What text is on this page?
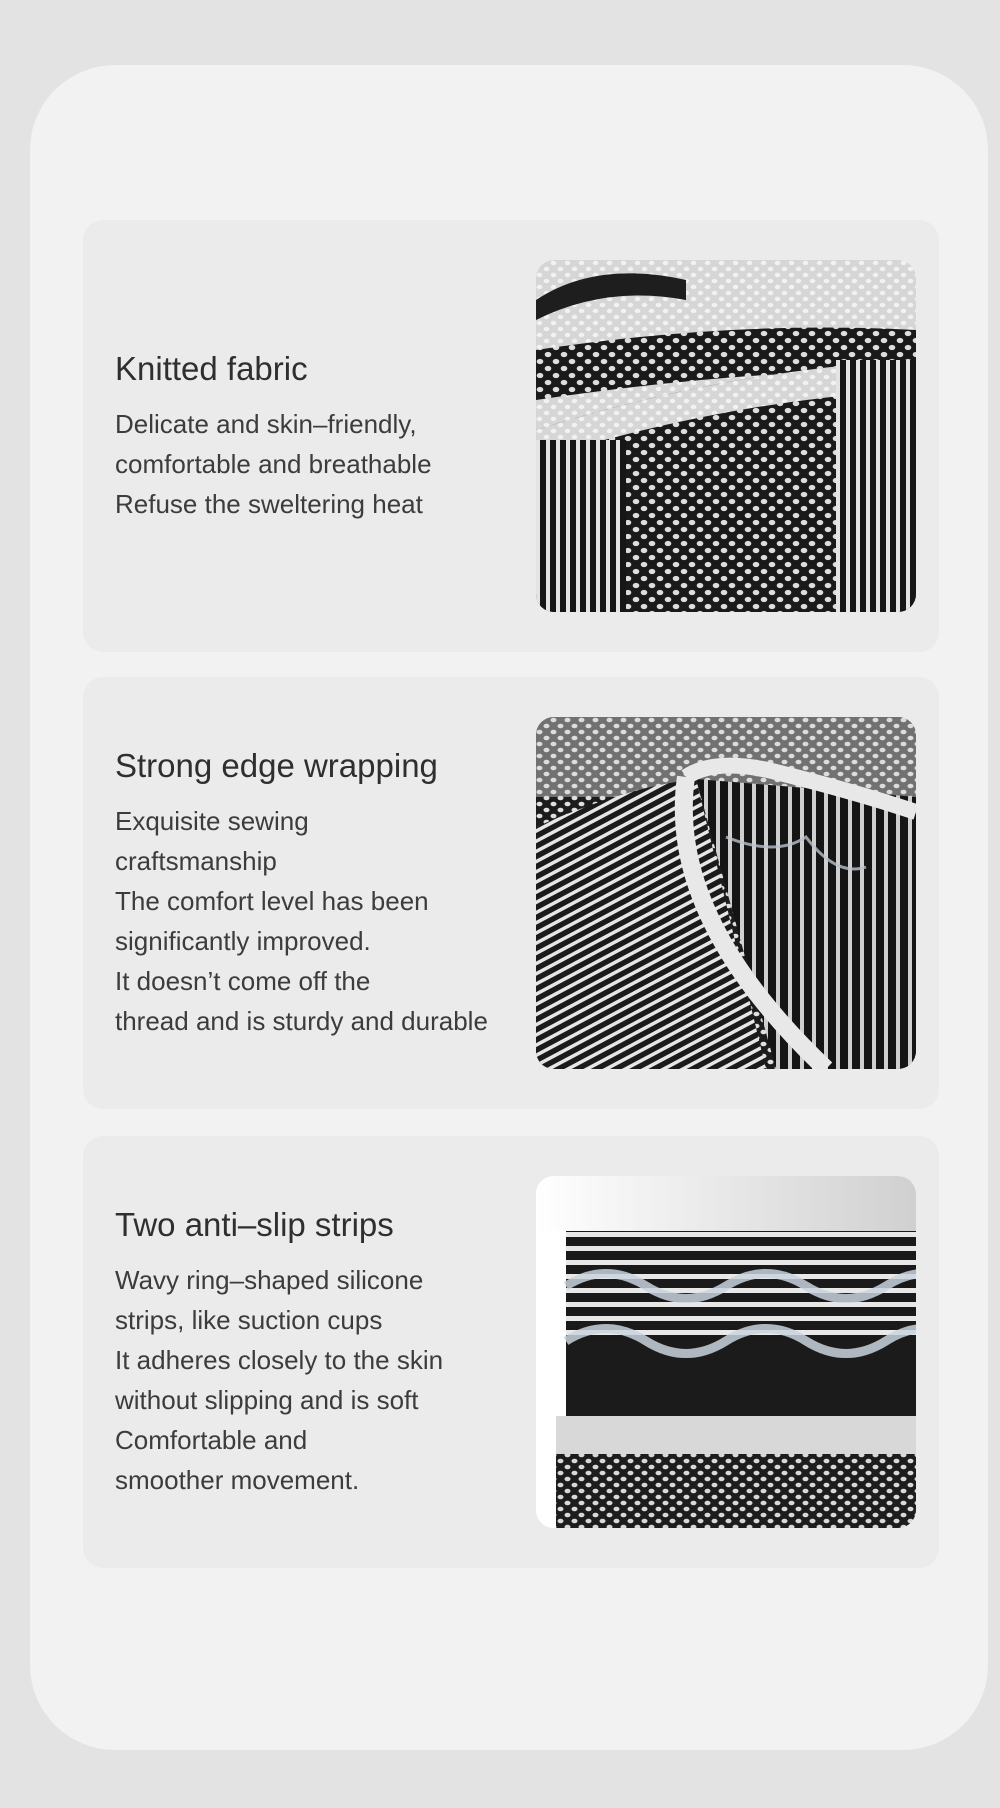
Knitted fabric
Delicate and skin–friendly,
comfortable and breathable
Refuse the sweltering heat
Strong edge wrapping
Exquisite sewing
craftsmanship
The comfort level has been
significantly improved.
It doesn’t come off the
thread and is sturdy and durable
Two anti–slip strips
Wavy ring–shaped silicone
strips, like suction cups
It adheres closely to the skin
without slipping and is soft
Comfortable and
smoother movement.
